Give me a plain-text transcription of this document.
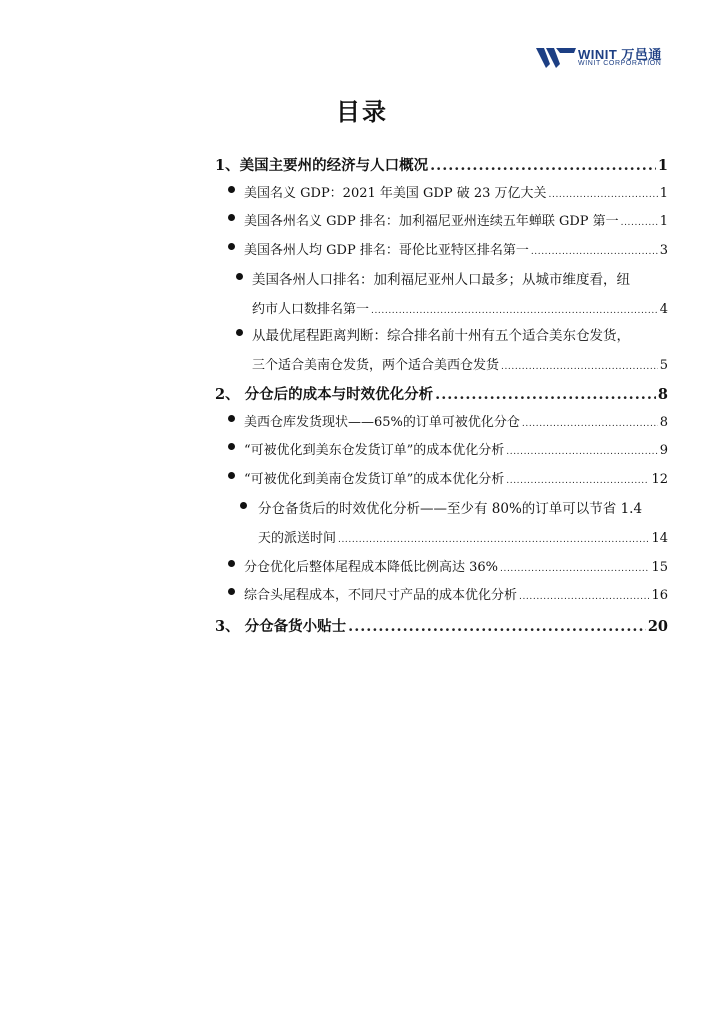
WINIT 万邑通
WINIT CORPORATION
目录
1、美国主要州的经济与人口概况 .....	1
美国名义 GDP：2021 年美国 GDP 破 23 万亿大关 .....	1
美国各州名义 GDP 排名：加利福尼亚州连续五年蝉联 GDP 第一 .....	1
美国各州人均 GDP 排名：哥伦比亚特区排名第一 .....	3
美国各州人口排名：加利福尼亚州人口最多；从城市维度看，纽
约市人口数排名第一 .....	4
从最优尾程距离判断：综合排名前十州有五个适合美东仓发货，
三个适合美南仓发货，两个适合美西仓发货 .....	5
2、 分仓后的成本与时效优化分析 .....	8
美西仓库发货现状——65%的订单可被优化分仓 .....	8
“可被优化到美东仓发货订单”的成本优化分析 .....	9
“可被优化到美南仓发货订单”的成本优化分析 .....	12
分仓备货后的时效优化分析——至少有 80%的订单可以节省 1.4
天的派送时间 .....	14
分仓优化后整体尾程成本降低比例高达 36% .....	15
综合头尾程成本，不同尺寸产品的成本优化分析 .....	16
3、 分仓备货小贴士 .....	20
